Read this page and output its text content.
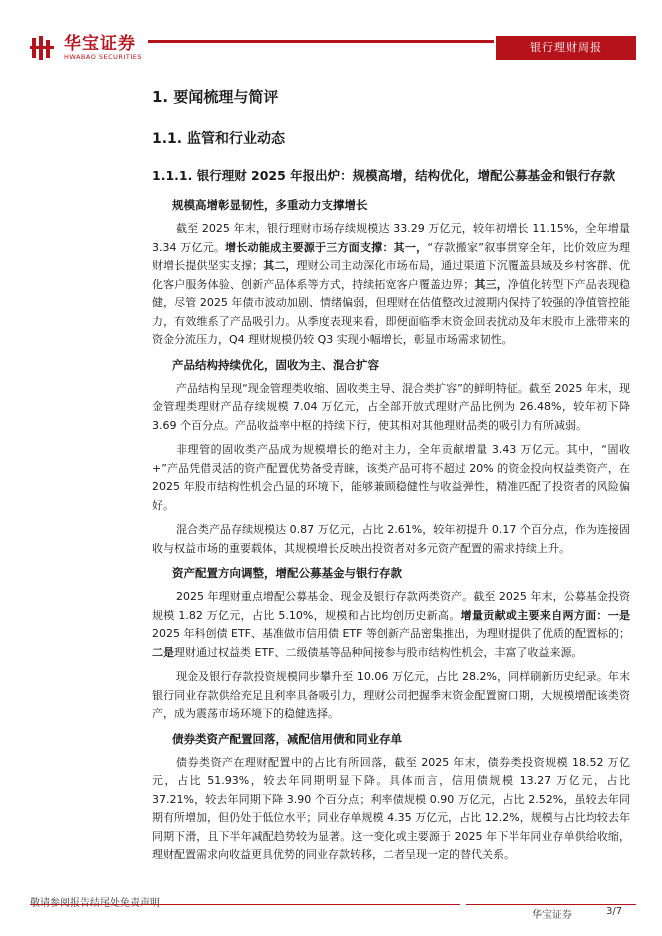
华宝证券
HWABAO SECURITIES
银行理财周报
1. 要闻梳理与简评
1.1. 监管和行业动态
1.1.1. 银行理财 2025 年报出炉：规模高增，结构优化，增配公募基金和银行存款
规模高增彰显韧性，多重动力支撑增长

截至 2025 年末，银行理财市场存续规模达 33.29 万亿元，较年初增长 11.15%，全年增量 3.34 万亿元。增长动能成主要源于三方面支撑：其一，“存款搬家”叙事贯穿全年，比价效应为理财增长提供坚实支撑；其二，理财公司主动深化市场布局，通过渠道下沉覆盖县域及乡村客群、优化客户服务体验、创新产品体系等方式，持续拓宽客户覆盖边界；其三，净值化转型下产品表现稳健，尽管 2025 年债市波动加剧、情绪偏弱，但理财在估值整改过渡期内保持了较强的净值管控能力，有效维系了产品吸引力。从季度表现来看，即便面临季末资金回表扰动及年末股市上涨带来的资金分流压力，Q4 理财规模仍较 Q3 实现小幅增长，彰显市场需求韧性。

产品结构持续优化，固收为主、混合扩容

产品结构呈现“现金管理类收缩、固收类主导、混合类扩容”的鲜明特征。截至 2025 年末，现金管理类理财产品存续规模 7.04 万亿元，占全部开放式理财产品比例为 26.48%，较年初下降 3.69 个百分点。产品收益率中枢的持续下行，使其相对其他理财品类的吸引力有所减弱。

非理管的固收类产品成为规模增长的绝对主力，全年贡献增量 3.43 万亿元。其中，“固收+”产品凭借灵活的资产配置优势备受青睐，该类产品可将不超过 20% 的资金投向权益类资产，在 2025 年股市结构性机会凸显的环境下，能够兼顾稳健性与收益弹性，精准匹配了投资者的风险偏好。

混合类产品存续规模达 0.87 万亿元，占比 2.61%，较年初提升 0.17 个百分点，作为连接固收与权益市场的重要载体，其规模增长反映出投资者对多元资产配置的需求持续上升。

资产配置方向调整，增配公募基金与银行存款

2025 年理财重点增配公募基金、现金及银行存款两类资产。截至 2025 年末，公募基金投资规模 1.82 万亿元，占比 5.10%，规模和占比均创历史新高。增量贡献或主要来自两方面：一是2025 年科创债 ETF、基准做市信用债 ETF 等创新产品密集推出，为理财提供了优质的配置标的；二是理财通过权益类 ETF、二级债基等品种间接参与股市结构性机会，丰富了收益来源。

现金及银行存款投资规模同步攀升至 10.06 万亿元，占比 28.2%，同样刷新历史纪录。年末银行同业存款供给充足且利率具备吸引力，理财公司把握季末资金配置窗口期，大规模增配该类资产，成为震荡市场环境下的稳健选择。

债券类资产配置回落，减配信用债和同业存单

债券类资产在理财配置中的占比有所回落，截至 2025 年末，债券类投资规模 18.52 万亿元，占比 51.93%，较去年同期明显下降。具体而言，信用债规模 13.27 万亿元，占比 37.21%，较去年同期下降 3.90 个百分点；利率债规模 0.90 万亿元，占比 2.52%，虽较去年同期有所增加，但仍处于低位水平；同业存单规模 4.35 万亿元，占比 12.2%，规模与占比均较去年同期下滑，且下半年减配趋势较为显著。这一变化或主要源于 2025 年下半年同业存单供给收缩，理财配置需求向收益更具优势的同业存款转移，二者呈现一定的替代关系。

华宝证券	3/7
